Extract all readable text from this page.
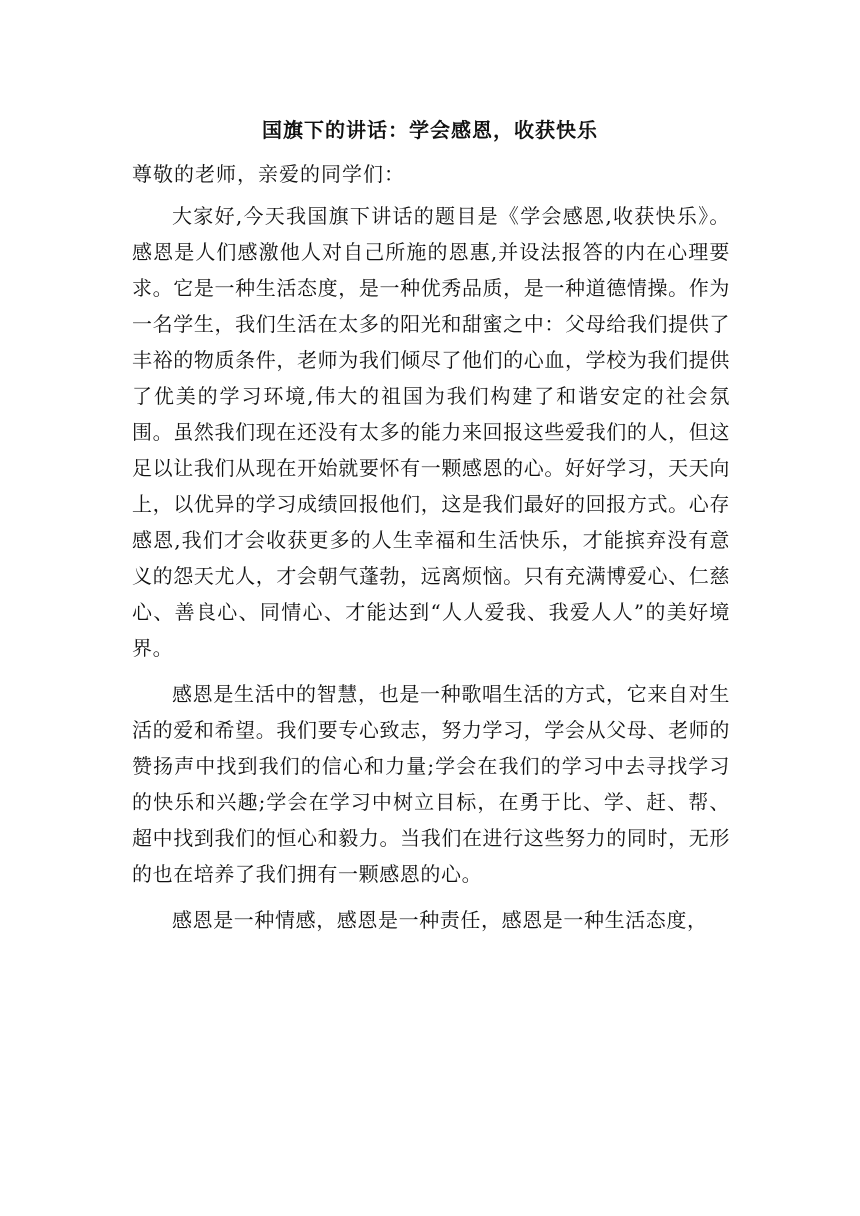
国旗下的讲话：学会感恩，收获快乐

尊敬的老师，亲爱的同学们：

大家好,今天我国旗下讲话的题目是《学会感恩,收获快乐》。感恩是人们感激他人对自己所施的恩惠,并设法报答的内在心理要求。它是一种生活态度，是一种优秀品质，是一种道德情操。作为一名学生，我们生活在太多的阳光和甜蜜之中：父母给我们提供了丰裕的物质条件，老师为我们倾尽了他们的心血，学校为我们提供了优美的学习环境,伟大的祖国为我们构建了和谐安定的社会氛围。虽然我们现在还没有太多的能力来回报这些爱我们的人，但这足以让我们从现在开始就要怀有一颗感恩的心。好好学习，天天向上，以优异的学习成绩回报他们，这是我们最好的回报方式。心存感恩,我们才会收获更多的人生幸福和生活快乐，才能摈弃没有意义的怨天尤人，才会朝气蓬勃，远离烦恼。只有充满博爱心、仁慈心、善良心、同情心、才能达到“人人爱我、我爱人人”的美好境界。

感恩是生活中的智慧，也是一种歌唱生活的方式，它来自对生活的爱和希望。我们要专心致志，努力学习，学会从父母、老师的赞扬声中找到我们的信心和力量;学会在我们的学习中去寻找学习的快乐和兴趣;学会在学习中树立目标，在勇于比、学、赶、帮、超中找到我们的恒心和毅力。当我们在进行这些努力的同时，无形的也在培养了我们拥有一颗感恩的心。

感恩是一种情感，感恩是一种责任，感恩是一种生活态度，
